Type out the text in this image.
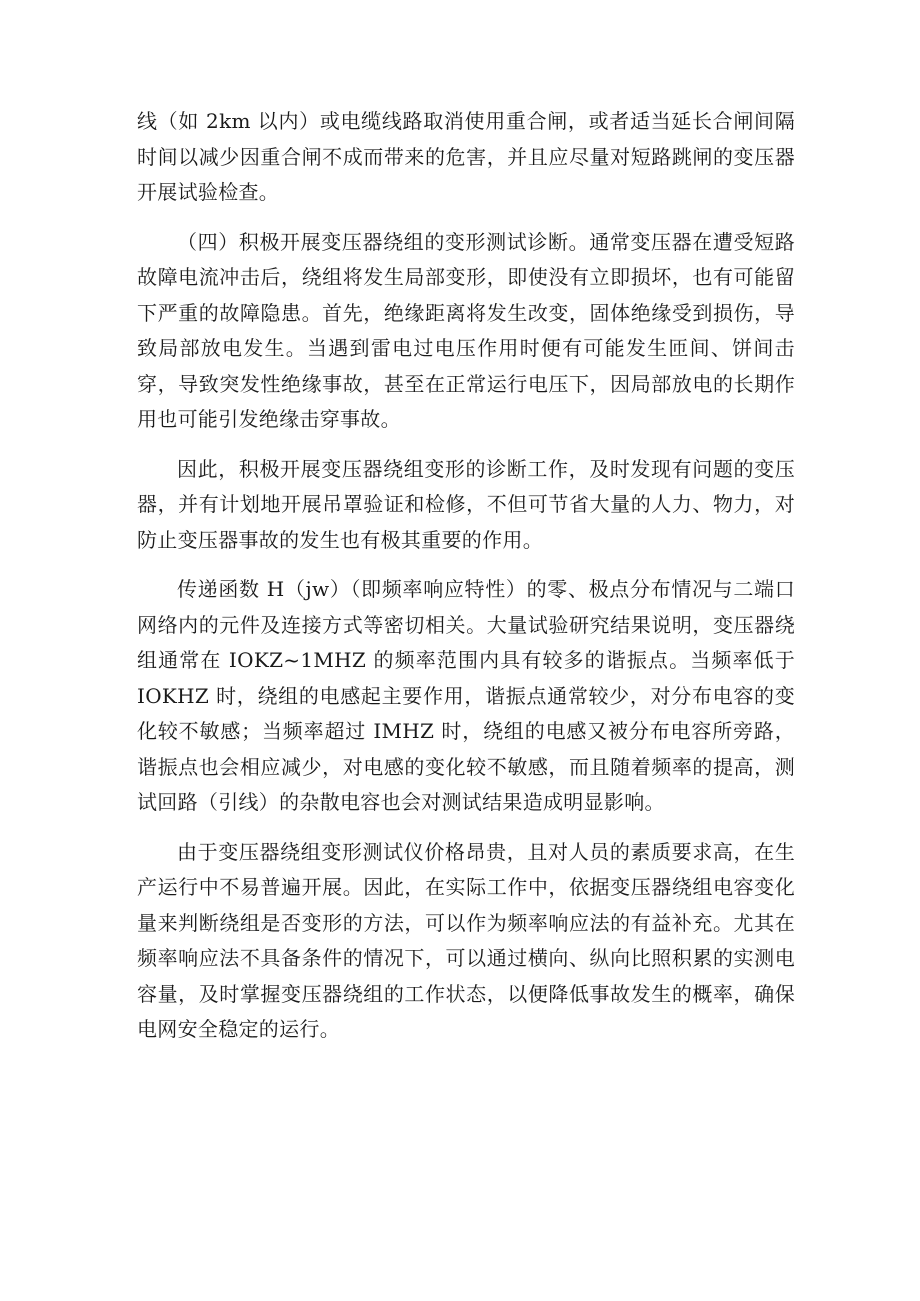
线（如 2km 以内）或电缆线路取消使用重合闸，或者适当延长合闸间隔时间以减少因重合闸不成而带来的危害，并且应尽量对短路跳闸的变压器开展试验检查。

（四）积极开展变压器绕组的变形测试诊断。通常变压器在遭受短路故障电流冲击后，绕组将发生局部变形，即使没有立即损坏，也有可能留下严重的故障隐患。首先，绝缘距离将发生改变，固体绝缘受到损伤，导致局部放电发生。当遇到雷电过电压作用时便有可能发生匝间、饼间击穿，导致突发性绝缘事故，甚至在正常运行电压下，因局部放电的长期作用也可能引发绝缘击穿事故。

因此，积极开展变压器绕组变形的诊断工作，及时发现有问题的变压器，并有计划地开展吊罩验证和检修，不但可节省大量的人力、物力，对防止变压器事故的发生也有极其重要的作用。

传递函数 H（jw）（即频率响应特性）的零、极点分布情况与二端口网络内的元件及连接方式等密切相关。大量试验研究结果说明，变压器绕组通常在 IOKZ~1MHZ 的频率范围内具有较多的谐振点。当频率低于 IOKHZ 时，绕组的电感起主要作用，谐振点通常较少，对分布电容的变化较不敏感；当频率超过 IMHZ 时，绕组的电感又被分布电容所旁路，谐振点也会相应减少，对电感的变化较不敏感，而且随着频率的提高，测试回路（引线）的杂散电容也会对测试结果造成明显影响。

由于变压器绕组变形测试仪价格昂贵，且对人员的素质要求高，在生产运行中不易普遍开展。因此，在实际工作中，依据变压器绕组电容变化量来判断绕组是否变形的方法，可以作为频率响应法的有益补充。尤其在频率响应法不具备条件的情况下，可以通过横向、纵向比照积累的实测电容量，及时掌握变压器绕组的工作状态，以便降低事故发生的概率，确保电网安全稳定的运行。
